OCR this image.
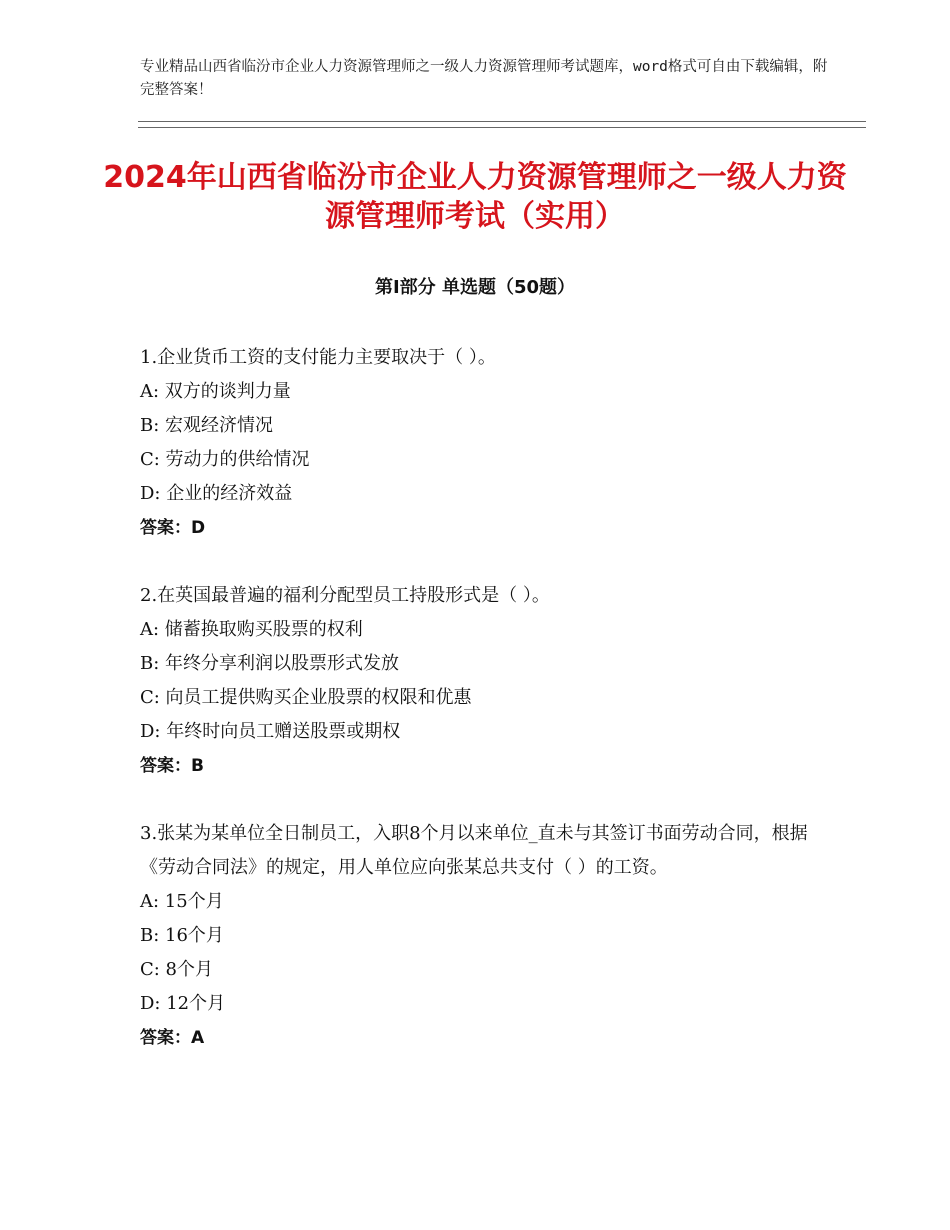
专业精品山西省临汾市企业人力资源管理师之一级人力资源管理师考试题库，word格式可自由下载编辑，附完整答案！
2024年山西省临汾市企业人力资源管理师之一级人力资源管理师考试（实用）
第Ⅰ部分 单选题（50题）
1.企业货币工资的支付能力主要取决于（ ）。
A: 双方的谈判力量
B: 宏观经济情况
C: 劳动力的供给情况
D: 企业的经济效益
答案：D
2.在英国最普遍的福利分配型员工持股形式是（ ）。
A: 储蓄换取购买股票的权利
B: 年终分享利润以股票形式发放
C: 向员工提供购买企业股票的权限和优惠
D: 年终时向员工赠送股票或期权
答案：B
3.张某为某单位全日制员工，入职8个月以来单位_直未与其签订书面劳动合同，根据 《劳动合同法》的规定，用人单位应向张某总共支付（ ）的工资。
A: 15个月
B: 16个月
C: 8个月
D: 12个月
答案：A
